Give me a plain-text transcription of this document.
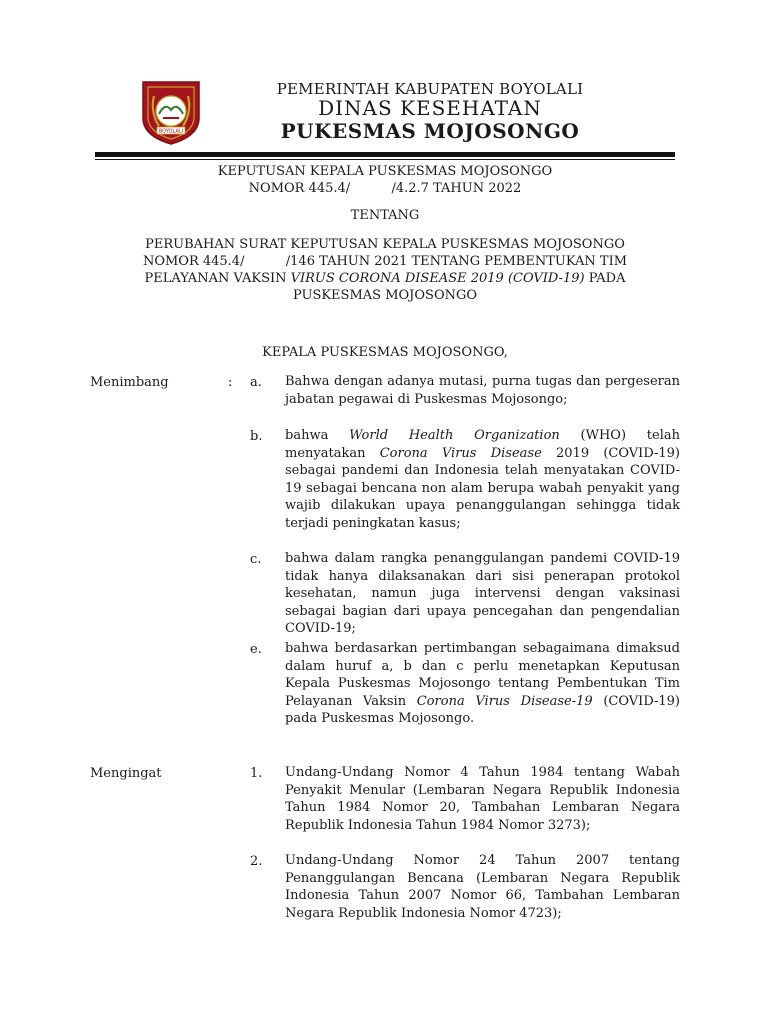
BOYOLALI
PEMERINTAH KABUPATEN BOYOLALI
DINAS KESEHATAN
PUKESMAS MOJOSONGO
KEPUTUSAN KEPALA PUSKESMAS MOJOSONGO
NOMOR 445.4/          /4.2.7 TAHUN 2022
TENTANG
PERUBAHAN SURAT KEPUTUSAN KEPALA PUSKESMAS MOJOSONGO
NOMOR 445.4/          /146 TAHUN 2021 TENTANG PEMBENTUKAN TIM
PELAYANAN VAKSIN VIRUS CORONA DISEASE 2019 (COVID-19) PADA
PUSKESMAS MOJOSONGO
KEPALA PUSKESMAS MOJOSONGO,
Menimbang	: a. Bahwa dengan adanya mutasi, purna tugas dan pergeseran jabatan pegawai di Puskesmas Mojosongo;
b. bahwa World Health Organization (WHO) telah menyatakan Corona Virus Disease 2019 (COVID-19) sebagai pandemi dan Indonesia telah menyatakan COVID-19 sebagai bencana non alam berupa wabah penyakit yang wajib dilakukan upaya penanggulangan sehingga tidak terjadi peningkatan kasus;
c. bahwa dalam rangka penanggulangan pandemi COVID-19 tidak hanya dilaksanakan dari sisi penerapan protokol kesehatan, namun juga intervensi dengan vaksinasi sebagai bagian dari upaya pencegahan dan pengendalian COVID-19;
e. bahwa berdasarkan pertimbangan sebagaimana dimaksud dalam huruf a, b dan c perlu menetapkan Keputusan Kepala Puskesmas Mojosongo tentang Pembentukan Tim Pelayanan Vaksin Corona Virus Disease-19 (COVID-19) pada Puskesmas Mojosongo.
Mengingat	1. Undang-Undang Nomor 4 Tahun 1984 tentang Wabah Penyakit Menular (Lembaran Negara Republik Indonesia Tahun 1984 Nomor 20, Tambahan Lembaran Negara Republik Indonesia Tahun 1984 Nomor 3273);
2. Undang-Undang Nomor 24 Tahun 2007 tentang Penanggulangan Bencana (Lembaran Negara Republik Indonesia Tahun 2007 Nomor 66, Tambahan Lembaran Negara Republik Indonesia Nomor 4723);
